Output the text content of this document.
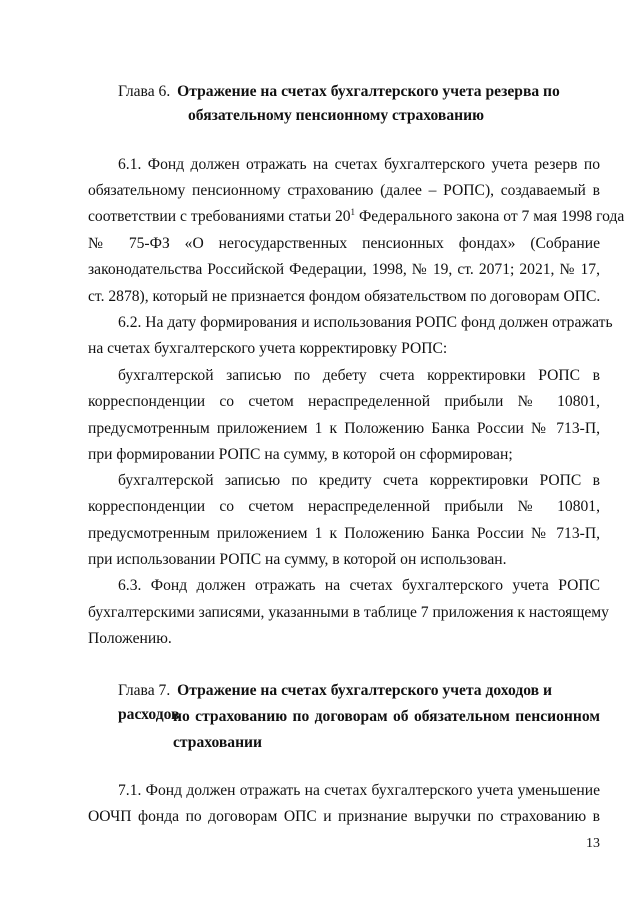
Глава 6. Отражение на счетах бухгалтерского учета резерва по
обязательному пенсионному страхованию
6.1. Фонд должен отражать на счетах бухгалтерского учета резерв по
обязательному пенсионному страхованию (далее – РОПС), создаваемый в
соответствии с требованиями статьи $20^1$ Федерального закона от 7 мая 1998 года
№ 75-ФЗ «О негосударственных пенсионных фондах» (Собрание
законодательства Российской Федерации, 1998, № 19, ст. 2071; 2021, № 17,
ст. 2878), который не признается фондом обязательством по договорам ОПС.
6.2. На дату формирования и использования РОПС фонд должен отражать
на счетах бухгалтерского учета корректировку РОПС:
бухгалтерской записью по дебету счета корректировки РОПС в
корреспонденции со счетом нераспределенной прибыли № 10801,
предусмотренным приложением 1 к Положению Банка России № 713-П,
при формировании РОПС на сумму, в которой он сформирован;
бухгалтерской записью по кредиту счета корректировки РОПС в
корреспонденции со счетом нераспределенной прибыли № 10801,
предусмотренным приложением 1 к Положению Банка России № 713-П,
при использовании РОПС на сумму, в которой он использован.
6.3. Фонд должен отражать на счетах бухгалтерского учета РОПС
бухгалтерскими записями, указанными в таблице 7 приложения к настоящему
Положению.
Глава 7. Отражение на счетах бухгалтерского учета доходов и расходов
по страхованию по договорам об обязательном пенсионном
страховании
7.1. Фонд должен отражать на счетах бухгалтерского учета уменьшение
ООЧП фонда по договорам ОПС и признание выручки по страхованию в
13
